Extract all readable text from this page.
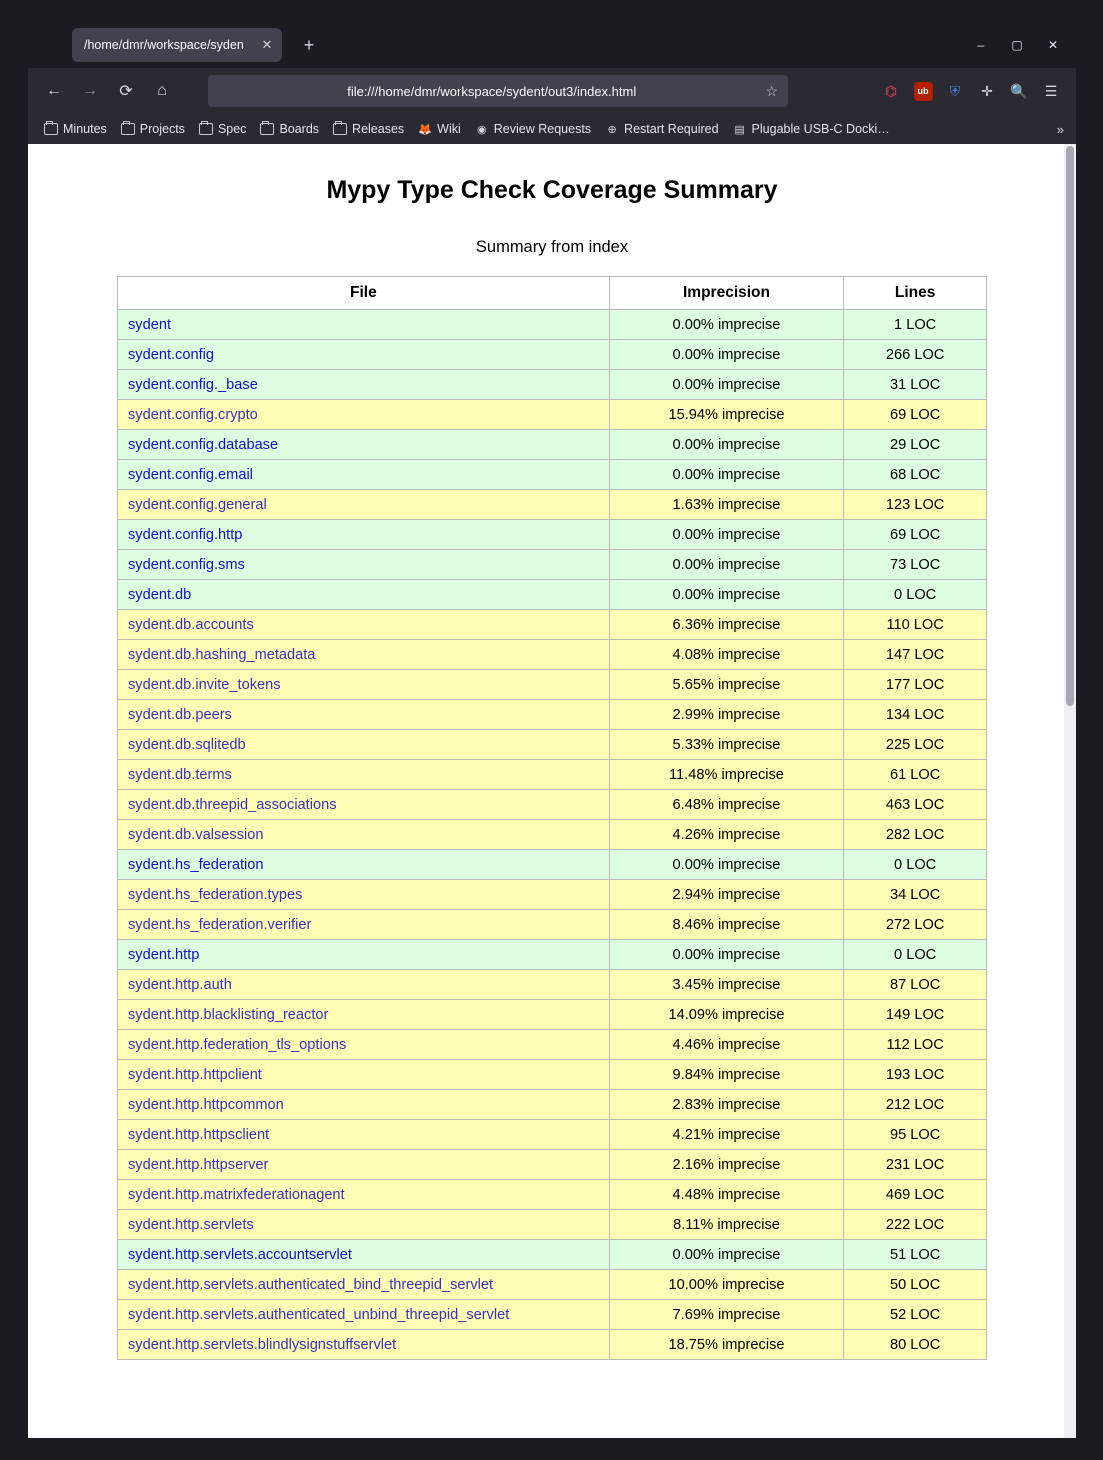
/home/dmr/workspace/syden	✕	+	–	▢	✕
←	→	⟳	⌂	file:///home/dmr/workspace/sydent/out3/index.html	☆	⌬	ub	⛨	✛	🔍	☰
Minutes	Projects	Spec	Boards	Releases 🦊 Wiki ◉ Review Requests ⊕ Restart Required ▤ Plugable USB-C Docki…	»
Mypy Type Check Coverage Summary

Summary from index

File	Imprecision	Lines
sydent	0.00% imprecise	1 LOC
sydent.config	0.00% imprecise	266 LOC
sydent.config._base	0.00% imprecise	31 LOC
sydent.config.crypto	15.94% imprecise	69 LOC
sydent.config.database	0.00% imprecise	29 LOC
sydent.config.email	0.00% imprecise	68 LOC
sydent.config.general	1.63% imprecise	123 LOC
sydent.config.http	0.00% imprecise	69 LOC
sydent.config.sms	0.00% imprecise	73 LOC
sydent.db	0.00% imprecise	0 LOC
sydent.db.accounts	6.36% imprecise	110 LOC
sydent.db.hashing_metadata	4.08% imprecise	147 LOC
sydent.db.invite_tokens	5.65% imprecise	177 LOC
sydent.db.peers	2.99% imprecise	134 LOC
sydent.db.sqlitedb	5.33% imprecise	225 LOC
sydent.db.terms	11.48% imprecise	61 LOC
sydent.db.threepid_associations	6.48% imprecise	463 LOC
sydent.db.valsession	4.26% imprecise	282 LOC
sydent.hs_federation	0.00% imprecise	0 LOC
sydent.hs_federation.types	2.94% imprecise	34 LOC
sydent.hs_federation.verifier	8.46% imprecise	272 LOC
sydent.http	0.00% imprecise	0 LOC
sydent.http.auth	3.45% imprecise	87 LOC
sydent.http.blacklisting_reactor	14.09% imprecise	149 LOC
sydent.http.federation_tls_options	4.46% imprecise	112 LOC
sydent.http.httpclient	9.84% imprecise	193 LOC
sydent.http.httpcommon	2.83% imprecise	212 LOC
sydent.http.httpsclient	4.21% imprecise	95 LOC
sydent.http.httpserver	2.16% imprecise	231 LOC
sydent.http.matrixfederationagent	4.48% imprecise	469 LOC
sydent.http.servlets	8.11% imprecise	222 LOC
sydent.http.servlets.accountservlet	0.00% imprecise	51 LOC
sydent.http.servlets.authenticated_bind_threepid_servlet	10.00% imprecise	50 LOC
sydent.http.servlets.authenticated_unbind_threepid_servlet	7.69% imprecise	52 LOC
sydent.http.servlets.blindlysignstuffservlet	18.75% imprecise	80 LOC
